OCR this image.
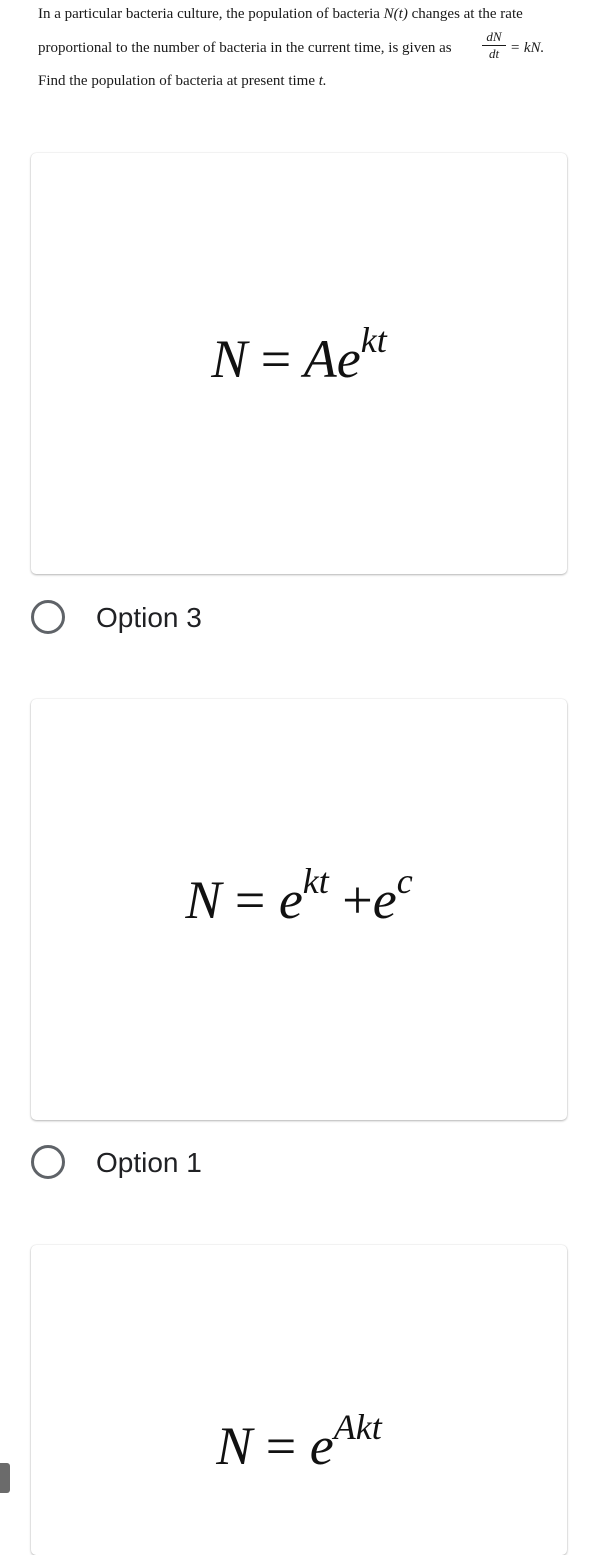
In a particular bacteria culture, the population of bacteria N(t) changes at the rate
proportional to the number of bacteria in the current time, is given as $\frac{dN}{dt}$ = kN.
Find the population of bacteria at present time t.
$N = Ae^{kt}$
Option 3
$N = e^{kt} +e^c$
Option 1
$N = e^{Akt}$
